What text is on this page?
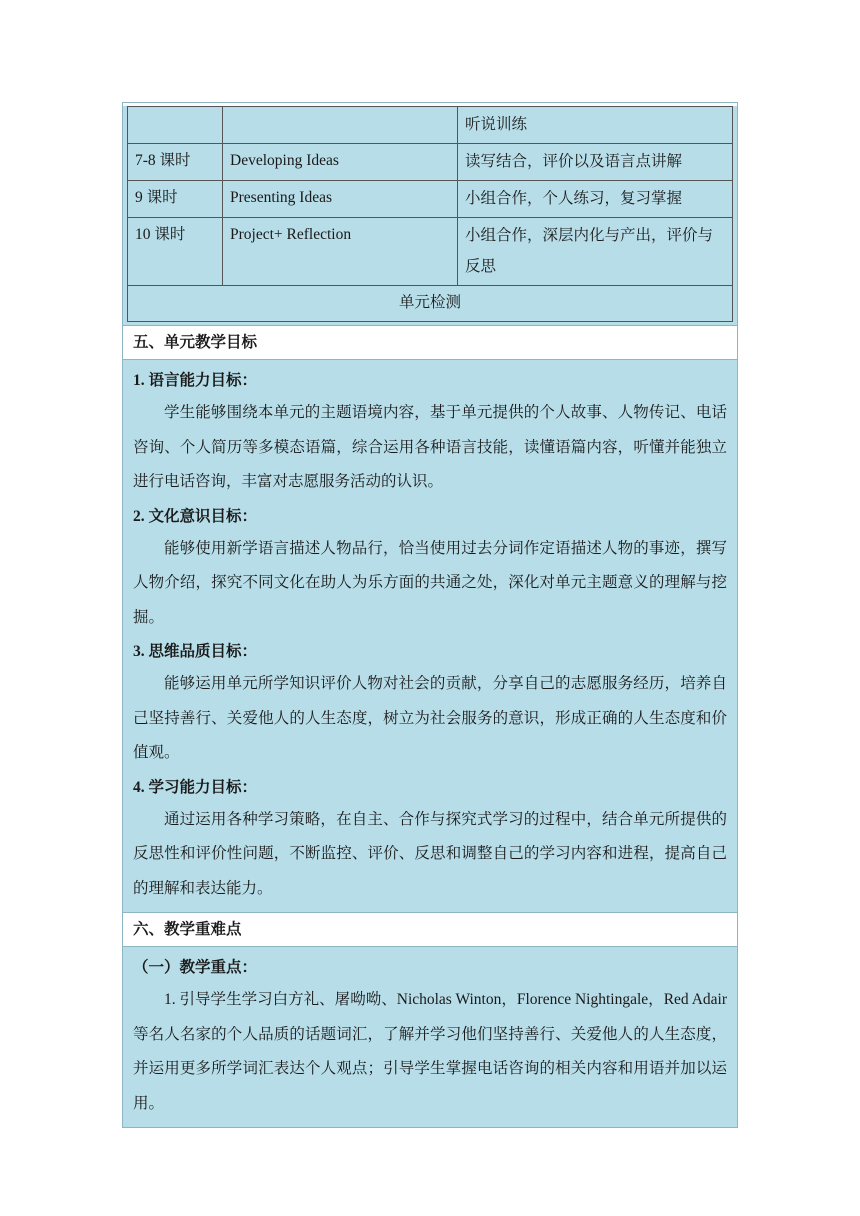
		听说训练
7-8 课时	Developing Ideas	读写结合，评价以及语言点讲解
9 课时	Presenting Ideas	小组合作，个人练习，复习掌握
10 课时	Project+ Reflection	小组合作，深层内化与产出，评价与反思
单元检测		
五、单元教学目标
1. 语言能力目标：

学生能够围绕本单元的主题语境内容，基于单元提供的个人故事、人物传记、电话咨询、个人简历等多模态语篇，综合运用各种语言技能，读懂语篇内容，听懂并能独立进行电话咨询，丰富对志愿服务活动的认识。

2. 文化意识目标：

能够使用新学语言描述人物品行，恰当使用过去分词作定语描述人物的事迹，撰写人物介绍，探究不同文化在助人为乐方面的共通之处，深化对单元主题意义的理解与挖掘。

3. 思维品质目标：

能够运用单元所学知识评价人物对社会的贡献，分享自己的志愿服务经历，培养自己坚持善行、关爱他人的人生态度，树立为社会服务的意识，形成正确的人生态度和价值观。

4. 学习能力目标：

通过运用各种学习策略，在自主、合作与探究式学习的过程中，结合单元所提供的反思性和评价性问题，不断监控、评价、反思和调整自己的学习内容和进程，提高自己的理解和表达能力。

六、教学重难点
（一）教学重点：

1. 引导学生学习白方礼、屠呦呦、Nicholas Winton，Florence Nightingale，Red Adair 等名人名家的个人品质的话题词汇，了解并学习他们坚持善行、关爱他人的人生态度，并运用更多所学词汇表达个人观点；引导学生掌握电话咨询的相关内容和用语并加以运用。
